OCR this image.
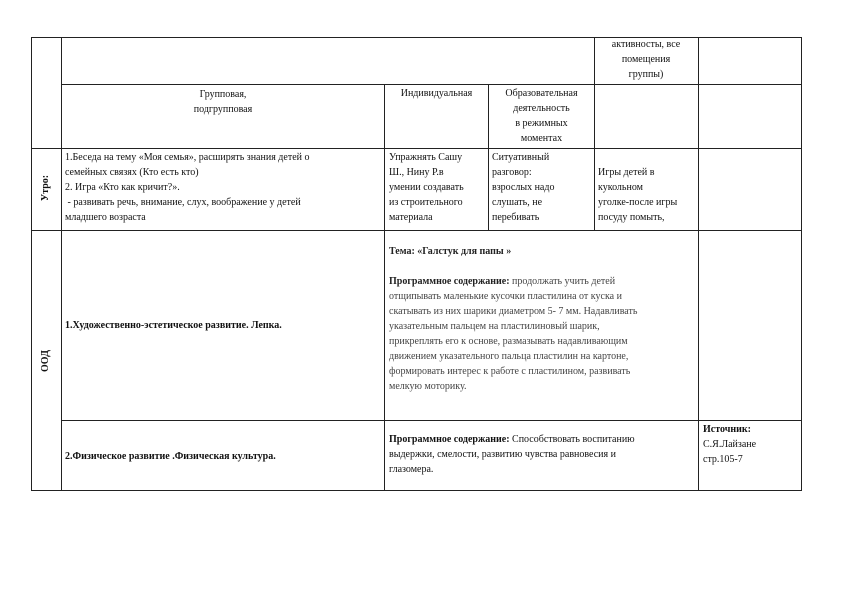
активносты, все
помещения
группы)
Групповая,
подгрупповая
Индивидуальная	Образовательная
деятельность
в режимных
моментах
Утро:
1.Беседа на тему «Моя семья», расширять знания детей о
семейных связях (Кто есть кто)
2. Игра «Кто как кричит?».
- развивать речь, внимание, слух, воображение у детей
младшего возраста
Упражнять Сашу
Ш., Нину Р.в
умении создавать
из строительного
материала
Ситуативный
разговор:
взрослых надо
слушать, не
перебивать
Игры детей в
кукольном
уголке-после игры
посуду помыть,
ООД
1.Художественно-эстетическое развитие. Лепка.
Тема: «Галстук для папы »
Программное содержание: продолжать учить детей
отщипывать маленькие кусочки пластилина от куска и
скатывать из них шарики диаметром 5- 7 мм. Надавливать
указательным пальцем на пластилиновый шарик,
прикреплять его к основе, размазывать надавливающим
движением указательного пальца пластилин на картоне,
формировать интерес к работе с пластилином, развивать
мелкую моторику.
2.Физическое развитие .Физическая культура.
Программное содержание: Способствовать воспитанию
выдержки, смелости, развитию чувства равновесия и
глазомера.
Источник:
С.Я.Лайзане
стр.105-7
